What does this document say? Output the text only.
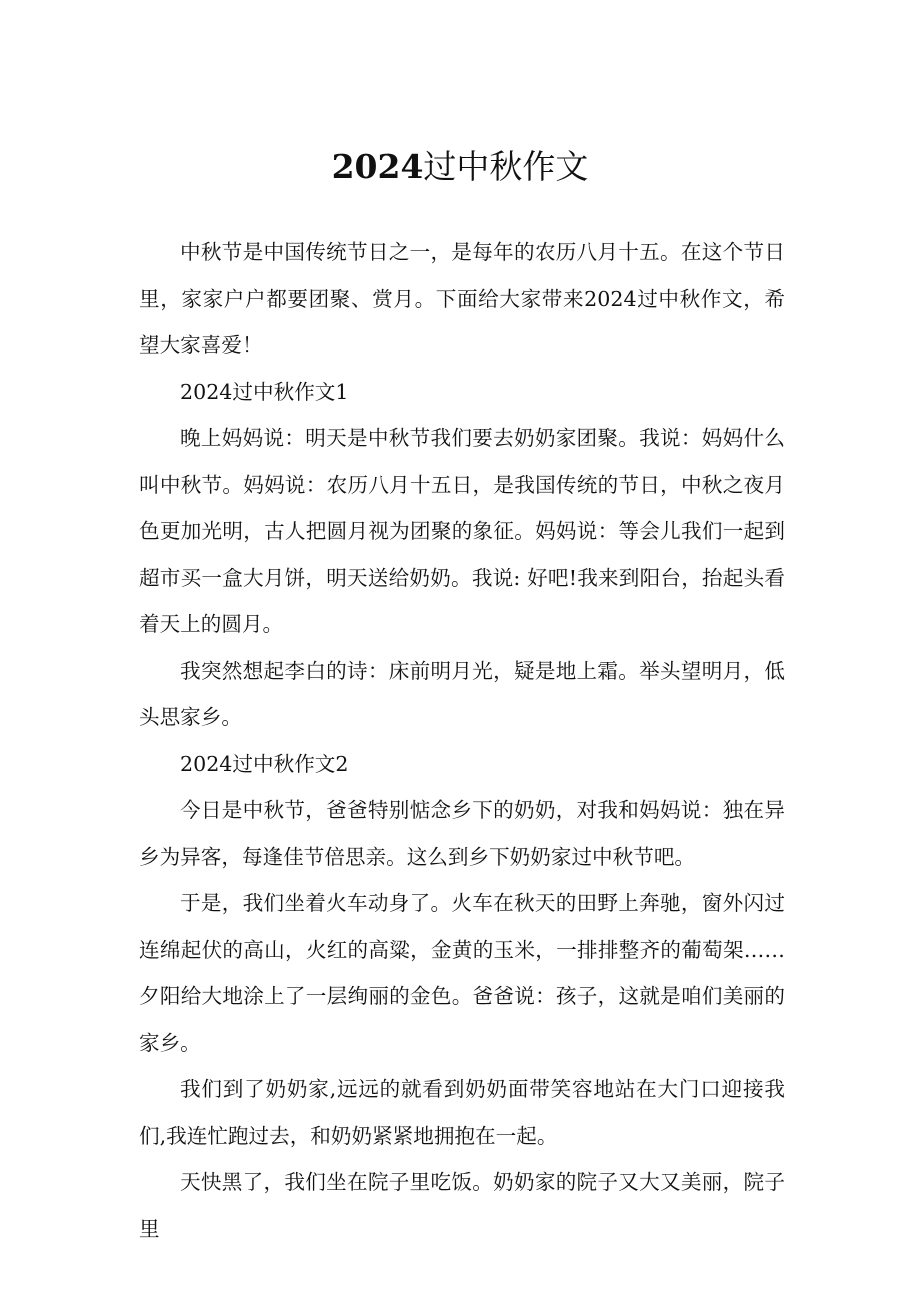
2024过中秋作文

中秋节是中国传统节日之一，是每年的农历八月十五。在这个节日里，家家户户都要团聚、赏月。下面给大家带来2024过中秋作文，希望大家喜爱！

2024过中秋作文1

晚上妈妈说：明天是中秋节我们要去奶奶家团聚。我说：妈妈什么叫中秋节。妈妈说：农历八月十五日，是我国传统的节日，中秋之夜月色更加光明，古人把圆月视为团聚的象征。妈妈说：等会儿我们一起到超市买一盒大月饼，明天送给奶奶。我说: 好吧!我来到阳台，抬起头看着天上的圆月。

我突然想起李白的诗：床前明月光，疑是地上霜。举头望明月，低头思家乡。

2024过中秋作文2

今日是中秋节，爸爸特别惦念乡下的奶奶，对我和妈妈说：独在异乡为异客，每逢佳节倍思亲。这么到乡下奶奶家过中秋节吧。

于是，我们坐着火车动身了。火车在秋天的田野上奔驰，窗外闪过连绵起伏的高山，火红的高粱，金黄的玉米，一排排整齐的葡萄架……夕阳给大地涂上了一层绚丽的金色。爸爸说：孩子，这就是咱们美丽的家乡。

我们到了奶奶家,远远的就看到奶奶面带笑容地站在大门口迎接我们,我连忙跑过去，和奶奶紧紧地拥抱在一起。

天快黑了，我们坐在院子里吃饭。奶奶家的院子又大又美丽，院子里
